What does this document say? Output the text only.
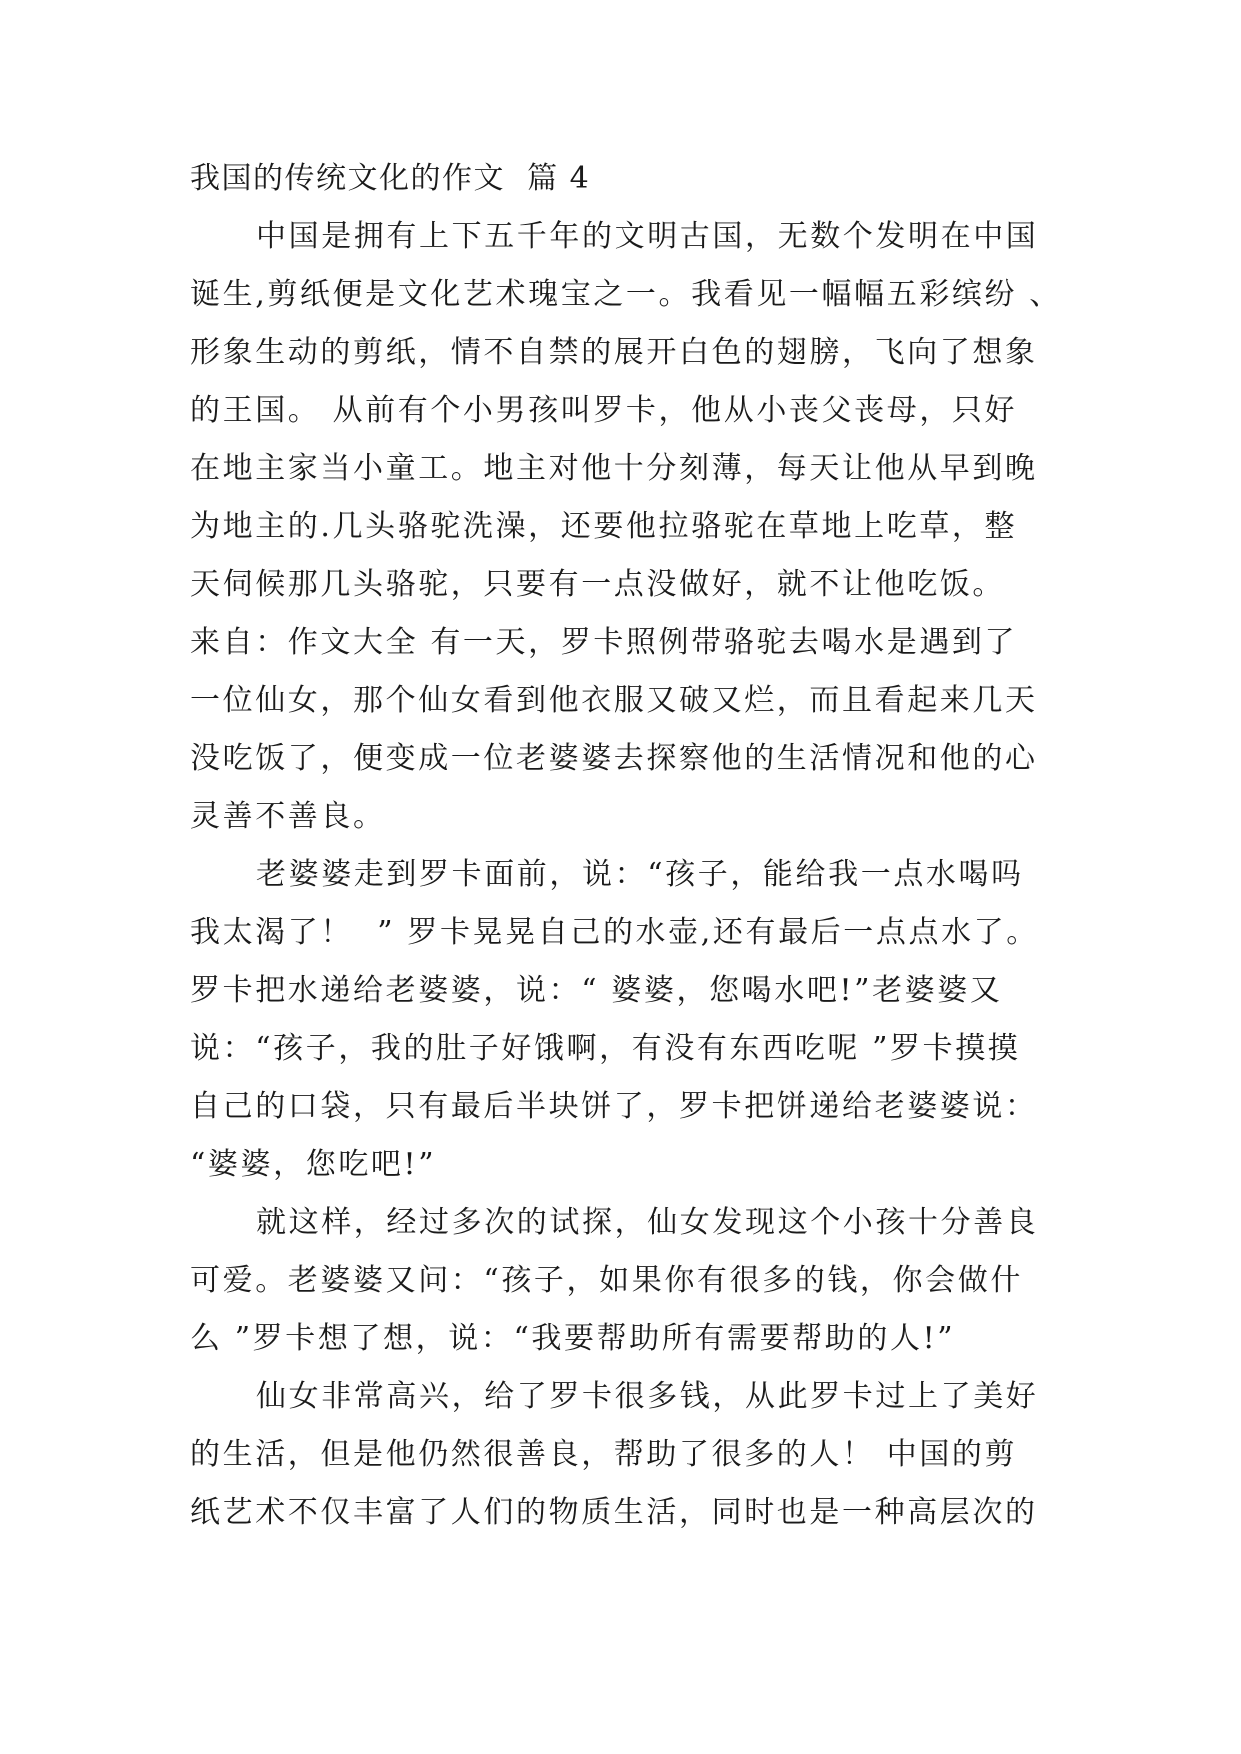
我国的传统文化的作文  篇 4
中国是拥有上下五千年的文明古国，无数个发明在中国
诞生,剪纸便是文化艺术瑰宝之一。我看见一幅幅五彩缤纷 、
形象生动的剪纸，情不自禁的展开白色的翅膀，飞向了想象
的王国。 从前有个小男孩叫罗卡，他从小丧父丧母，只好
在地主家当小童工。地主对他十分刻薄，每天让他从早到晚
为地主的.几头骆驼洗澡，还要他拉骆驼在草地上吃草，整
天伺候那几头骆驼，只要有一点没做好，就不让他吃饭。
来自：作文大全 有一天，罗卡照例带骆驼去喝水是遇到了
一位仙女，那个仙女看到他衣服又破又烂，而且看起来几天
没吃饭了，便变成一位老婆婆去探察他的生活情况和他的心
灵善不善良。
老婆婆走到罗卡面前，说：“孩子，能给我一点水喝吗
我太渴了！  ” 罗卡晃晃自己的水壶,还有最后一点点水了。
罗卡把水递给老婆婆，说：“ 婆婆，您喝水吧!”老婆婆又
说：“孩子，我的肚子好饿啊，有没有东西吃呢 ”罗卡摸摸
自己的口袋，只有最后半块饼了，罗卡把饼递给老婆婆说：
“婆婆，您吃吧!”
就这样，经过多次的试探，仙女发现这个小孩十分善良
可爱。老婆婆又问：“孩子，如果你有很多的钱，你会做什
么 ”罗卡想了想，说：“我要帮助所有需要帮助的人!”
仙女非常高兴，给了罗卡很多钱，从此罗卡过上了美好
的生活，但是他仍然很善良，帮助了很多的人！ 中国的剪
纸艺术不仅丰富了人们的物质生活，同时也是一种高层次的
